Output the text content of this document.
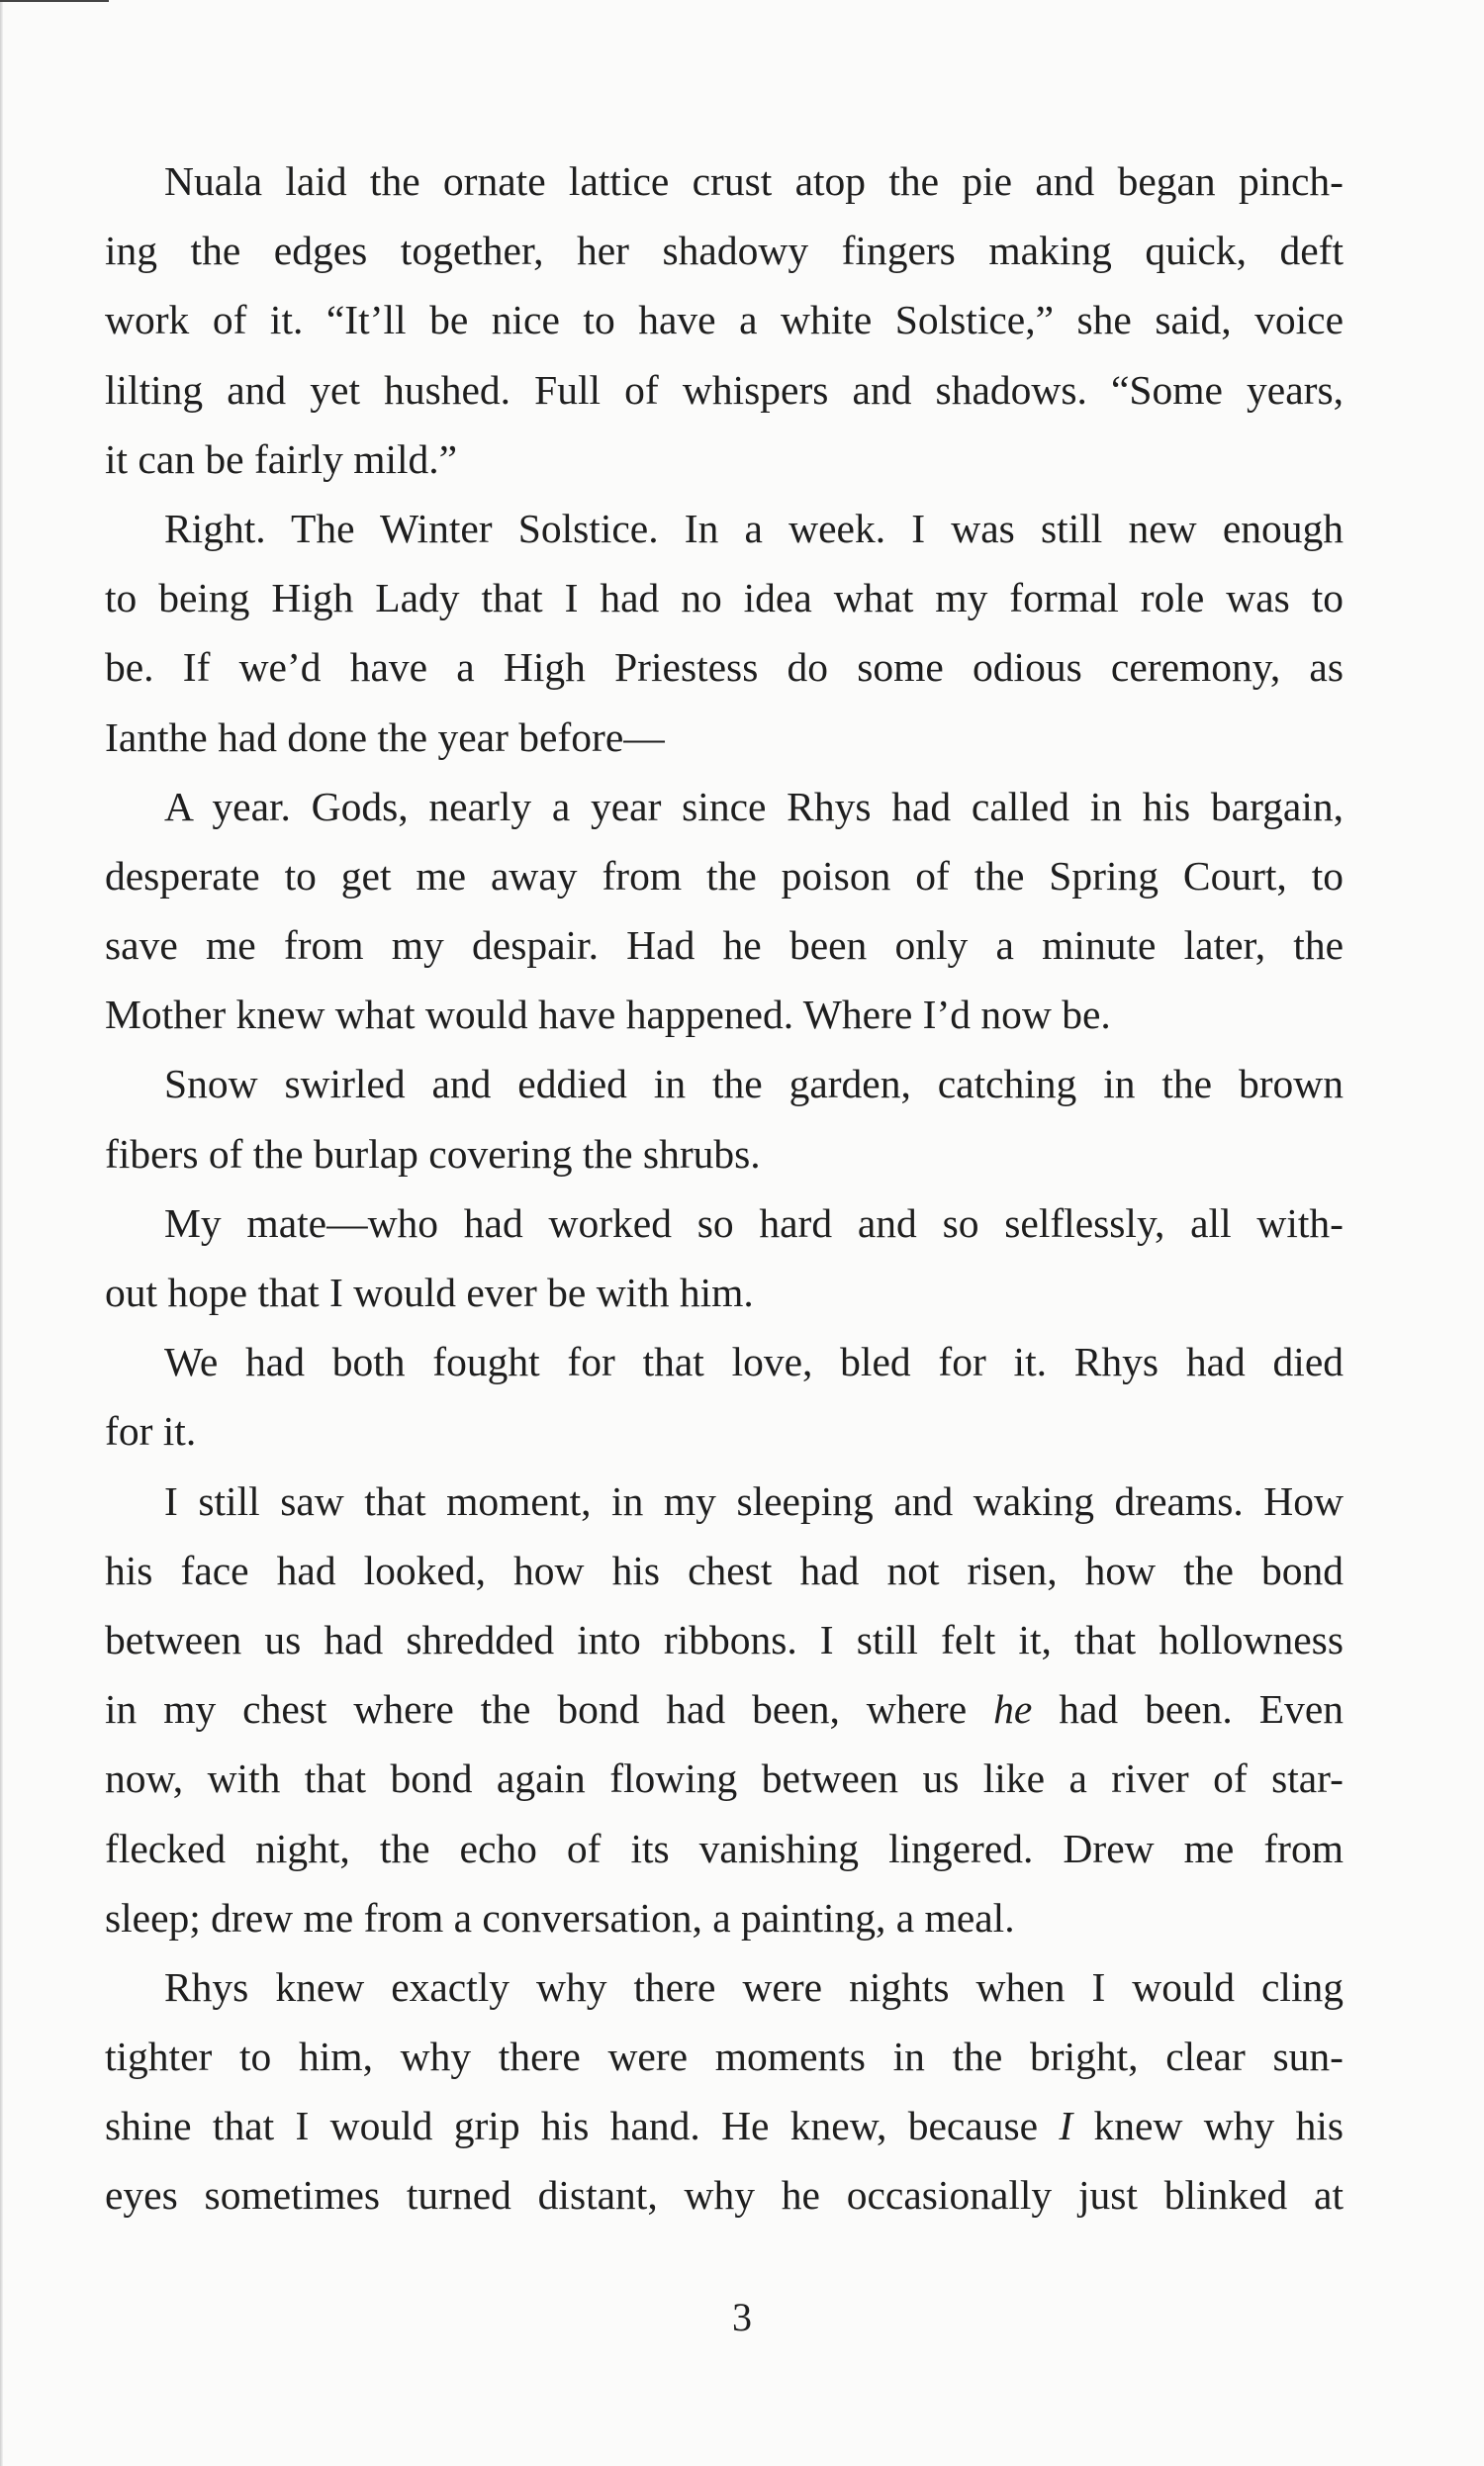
Nuala laid the ornate lattice crust atop the pie and began pinch-
ing the edges together, her shadowy fingers making quick, deft
work of it. “It’ll be nice to have a white Solstice,” she said, voice
lilting and yet hushed. Full of whispers and shadows. “Some years,
it can be fairly mild.”
Right. The Winter Solstice. In a week. I was still new enough
to being High Lady that I had no idea what my formal role was to
be. If we’d have a High Priestess do some odious ceremony, as
Ianthe had done the year before—
A year. Gods, nearly a year since Rhys had called in his bargain,
desperate to get me away from the poison of the Spring Court, to
save me from my despair. Had he been only a minute later, the
Mother knew what would have happened. Where I’d now be.
Snow swirled and eddied in the garden, catching in the brown
fibers of the burlap covering the shrubs.
My mate—who had worked so hard and so selflessly, all with-
out hope that I would ever be with him.
We had both fought for that love, bled for it. Rhys had died
for it.
I still saw that moment, in my sleeping and waking dreams. How
his face had looked, how his chest had not risen, how the bond
between us had shredded into ribbons. I still felt it, that hollowness
in my chest where the bond had been, where he had been. Even
now, with that bond again flowing between us like a river of star-
flecked night, the echo of its vanishing lingered. Drew me from
sleep; drew me from a conversation, a painting, a meal.
Rhys knew exactly why there were nights when I would cling
tighter to him, why there were moments in the bright, clear sun-
shine that I would grip his hand. He knew, because I knew why his
eyes sometimes turned distant, why he occasionally just blinked at
3
